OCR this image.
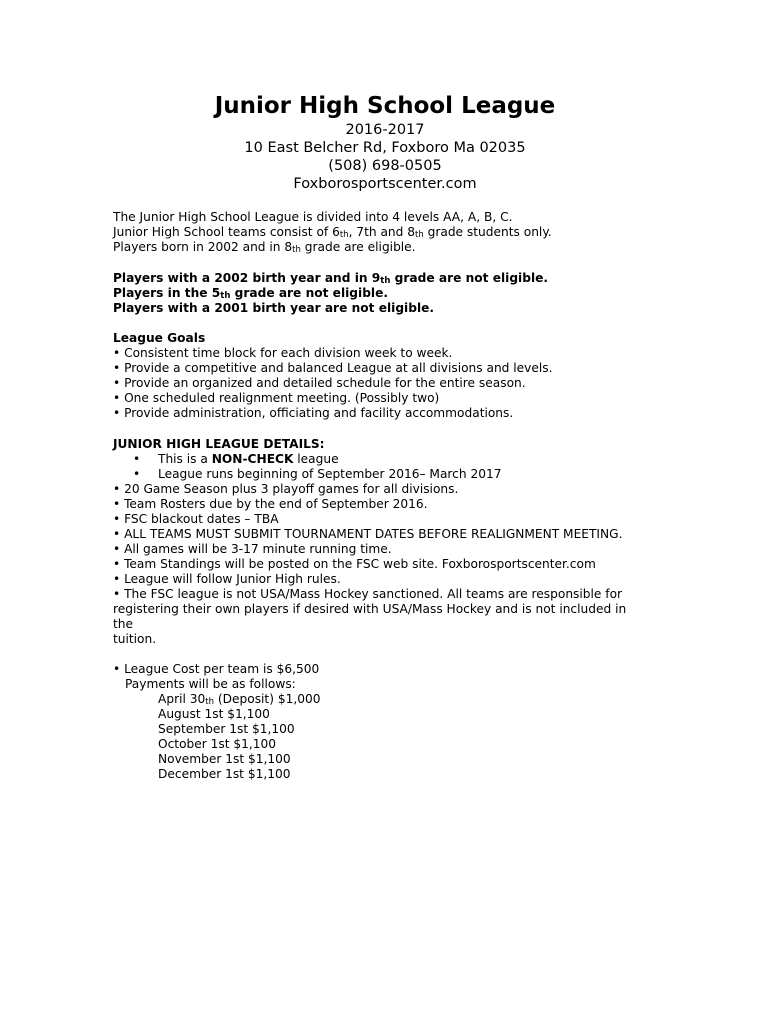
Junior High School League
2016-2017
10 East Belcher Rd, Foxboro Ma 02035
(508) 698-0505
Foxborosportscenter.com
The Junior High School League is divided into 4 levels AA, A, B, C.
Junior High School teams consist of 6th, 7th and 8th grade students only.
Players born in 2002 and in 8th grade are eligible.
Players with a 2002 birth year and in 9th grade are not eligible.
Players in the 5th grade are not eligible.
Players with a 2001 birth year are not eligible.
League Goals
• Consistent time block for each division week to week.
• Provide a competitive and balanced League at all divisions and levels.
• Provide an organized and detailed schedule for the entire season.
• One scheduled realignment meeting. (Possibly two)
• Provide administration, officiating and facility accommodations.
JUNIOR HIGH LEAGUE DETAILS:
• This is a NON-CHECK league
• League runs beginning of September 2016– March 2017
• 20 Game Season plus 3 playoff games for all divisions.
• Team Rosters due by the end of September 2016.
• FSC blackout dates – TBA
• ALL TEAMS MUST SUBMIT TOURNAMENT DATES BEFORE REALIGNMENT MEETING.
• All games will be 3-17 minute running time.
• Team Standings will be posted on the FSC web site. Foxborosportscenter.com
• League will follow Junior High rules.
• The FSC league is not USA/Mass Hockey sanctioned. All teams are responsible for
registering their own players if desired with USA/Mass Hockey and is not included in
the
tuition.
• League Cost per team is $6,500
Payments will be as follows:
April 30th (Deposit) $1,000
August 1st $1,100
September 1st $1,100
October 1st $1,100
November 1st $1,100
December 1st $1,100
